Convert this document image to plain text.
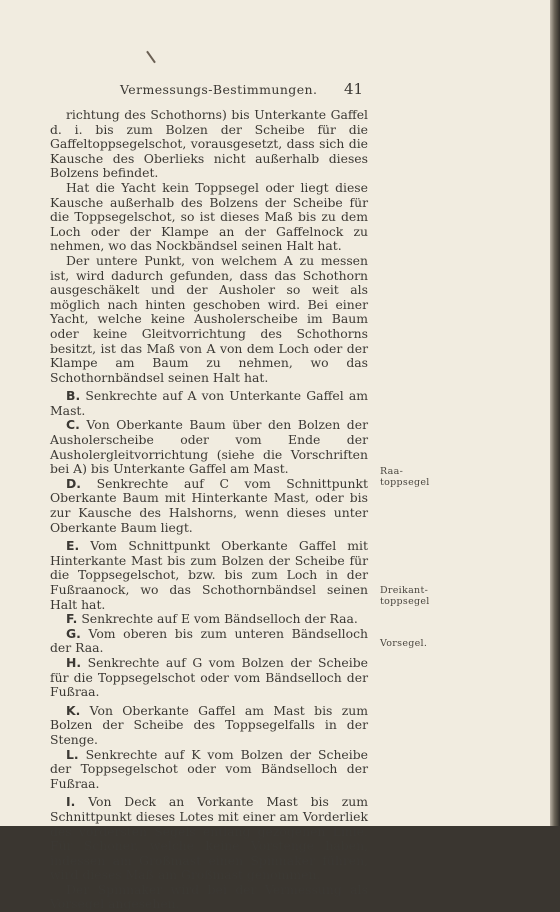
Vermessungs-Bestimmungen.	41

richtung des Schothorns) bis Unterkante Gaffel d. i. bis zum Bolzen der Scheibe für die Gaffeltoppsegelschot, vorausgesetzt, dass sich die Kausche des Oberlieks nicht außerhalb dieses Bolzens befindet.

Hat die Yacht kein Toppsegel oder liegt diese Kausche außerhalb des Bolzens der Scheibe für die Toppsegelschot, so ist dieses Maß bis zu dem Loch oder der Klampe an der Gaffelnock zu nehmen, wo das Nockbändsel seinen Halt hat.

Der untere Punkt, von welchem A zu messen ist, wird dadurch gefunden, dass das Schothorn ausgeschäkelt und der Ausholer so weit als möglich nach hinten geschoben wird. Bei einer Yacht, welche keine Ausholerscheibe im Baum oder keine Gleitvorrichtung des Schothorns besitzt, ist das Maß von A von dem Loch oder der Klampe am Baum zu nehmen, wo das Schothornbändsel seinen Halt hat.

B. Senkrechte auf A von Unterkante Gaffel am Mast.

C. Von Oberkante Baum über den Bolzen der Ausholerscheibe oder vom Ende der Ausholergleitvorrichtung (siehe die Vorschriften bei A) bis Unterkante Gaffel am Mast.

D. Senkrechte auf C vom Schnittpunkt Oberkante Baum mit Hinterkante Mast, oder bis zur Kausche des Halshorns, wenn dieses unter Oberkante Baum liegt.

E. Vom Schnittpunkt Oberkante Gaffel mit Hinterkante Mast bis zum Bolzen der Scheibe für die Toppsegelschot, bzw. bis zum Loch in der Fußraanock, wo das Schothornbändsel seinen Halt hat.

F. Senkrechte auf E vom Bändselloch der Raa.

G. Vom oberen bis zum unteren Bändselloch der Raa.

H. Senkrechte auf G vom Bolzen der Scheibe für die Toppsegelschot oder vom Bändselloch der Fußraa.

K. Von Oberkante Gaffel am Mast bis zum Bolzen der Scheibe des Toppsegelfalls in der Stenge.

L. Senkrechte auf K vom Bolzen der Scheibe der Toppsegelschot oder vom Bändselloch der Fußraa.

I. Von Deck an Vorkante Mast bis zum Schnittpunkt dieses Lotes mit einer am Vorderliek des vordersten Segels entlang gezogenen Linie. Für Schoner, welche keine Vorstenge haben, indessen am Großmast einen Spinnaker führen, wird dieses Maß am Großmast genommen.

Der Spinnaker wird bei der Vermessung als Vorsegel angesehen.

Raa-
toppsegel
Dreikant-
toppsegel
Vorsegel.
